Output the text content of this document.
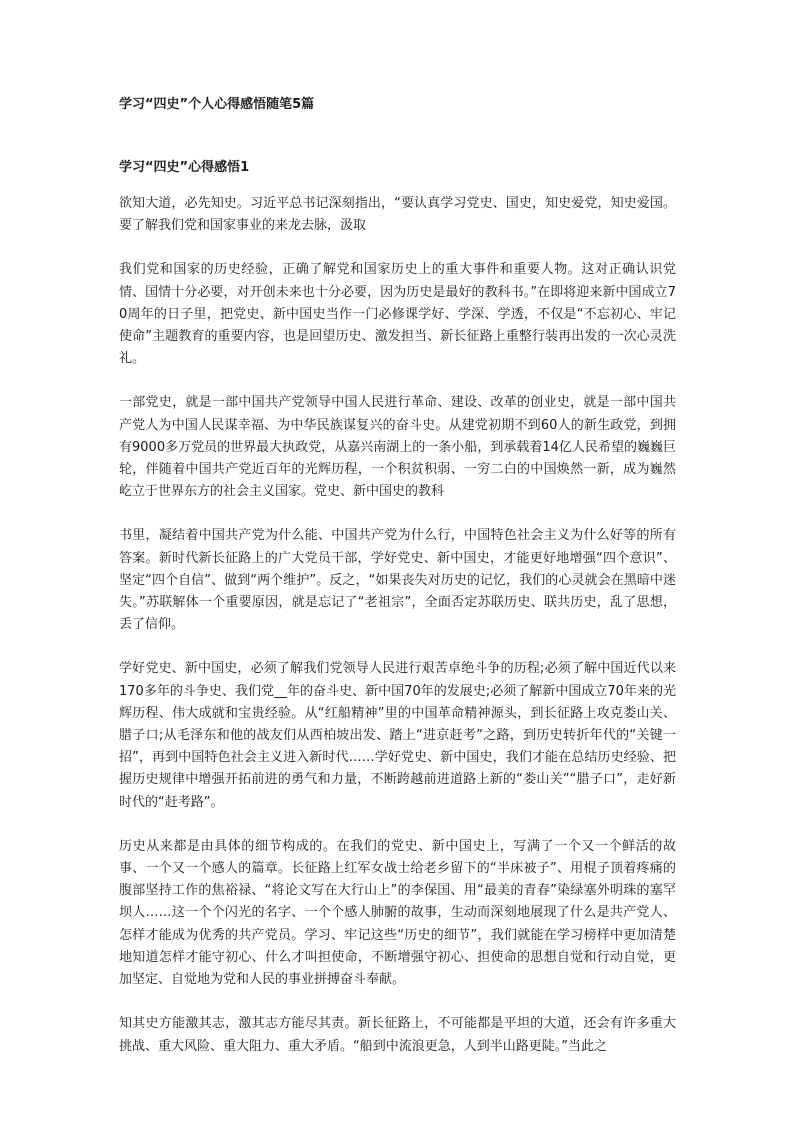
学习“四史”个人心得感悟随笔5篇
学习“四史”心得感悟1

欲知大道，必先知史。习近平总书记深刻指出，“要认真学习党史、国史，知史爱党，知史爱国。要了解我们党和国家事业的来龙去脉，汲取

我们党和国家的历史经验，正确了解党和国家历史上的重大事件和重要人物。这对正确认识党情、国情十分必要，对开创未来也十分必要，因为历史是最好的教科书。”在即将迎来新中国成立70周年的日子里，把党史、新中国史当作一门必修课学好、学深、学透，不仅是“不忘初心、牢记使命”主题教育的重要内容，也是回望历史、激发担当、新长征路上重整行装再出发的一次心灵洗礼。

一部党史，就是一部中国共产党领导中国人民进行革命、建设、改革的创业史，就是一部中国共产党人为中国人民谋幸福、为中华民族谋复兴的奋斗史。从建党初期不到60人的新生政党，到拥有9000多万党员的世界最大执政党，从嘉兴南湖上的一条小船，到承载着14亿人民希望的巍巍巨轮，伴随着中国共产党近百年的光辉历程，一个积贫积弱、一穷二白的中国焕然一新，成为巍然屹立于世界东方的社会主义国家。党史、新中国史的教科

书里，凝结着中国共产党为什么能、中国共产党为什么行，中国特色社会主义为什么好等的所有答案。新时代新长征路上的广大党员干部，学好党史、新中国史，才能更好地增强“四个意识”、坚定“四个自信”、做到“两个维护”。反之，“如果丧失对历史的记忆，我们的心灵就会在黑暗中迷失。”苏联解体一个重要原因，就是忘记了“老祖宗”，全面否定苏联历史、联共历史，乱了思想，丢了信仰。

学好党史、新中国史，必须了解我们党领导人民进行艰苦卓绝斗争的历程;必须了解中国近代以来170多年的斗争史、我们党__年的奋斗史、新中国70年的发展史;必须了解新中国成立70年来的光辉历程、伟大成就和宝贵经验。从“红船精神”里的中国革命精神源头，到长征路上攻克娄山关、腊子口;从毛泽东和他的战友们从西柏坡出发、踏上“进京赶考”之路，到历史转折年代的“关键一招”，再到中国特色社会主义进入新时代……学好党史、新中国史，我们才能在总结历史经验、把握历史规律中增强开拓前进的勇气和力量，不断跨越前进道路上新的“娄山关”“腊子口”，走好新时代的“赶考路”。

历史从来都是由具体的细节构成的。在我们的党史、新中国史上，写满了一个又一个鲜活的故事、一个又一个感人的篇章。长征路上红军女战士给老乡留下的“半床被子”、用棍子顶着疼痛的腹部坚持工作的焦裕禄、“将论文写在大行山上”的李保国、用“最美的青春”染绿塞外明珠的塞罕坝人……这一个个闪光的名字、一个个感人肺腑的故事，生动而深刻地展现了什么是共产党人、怎样才能成为优秀的共产党员。学习、牢记这些“历史的细节”，我们就能在学习榜样中更加清楚地知道怎样才能守初心、什么才叫担使命，不断增强守初心、担使命的思想自觉和行动自觉，更加坚定、自觉地为党和人民的事业拼搏奋斗奉献。

知其史方能激其志，激其志方能尽其责。新长征路上，不可能都是平坦的大道，还会有许多重大挑战、重大风险、重大阻力、重大矛盾。“船到中流浪更急，人到半山路更陡。”当此之
